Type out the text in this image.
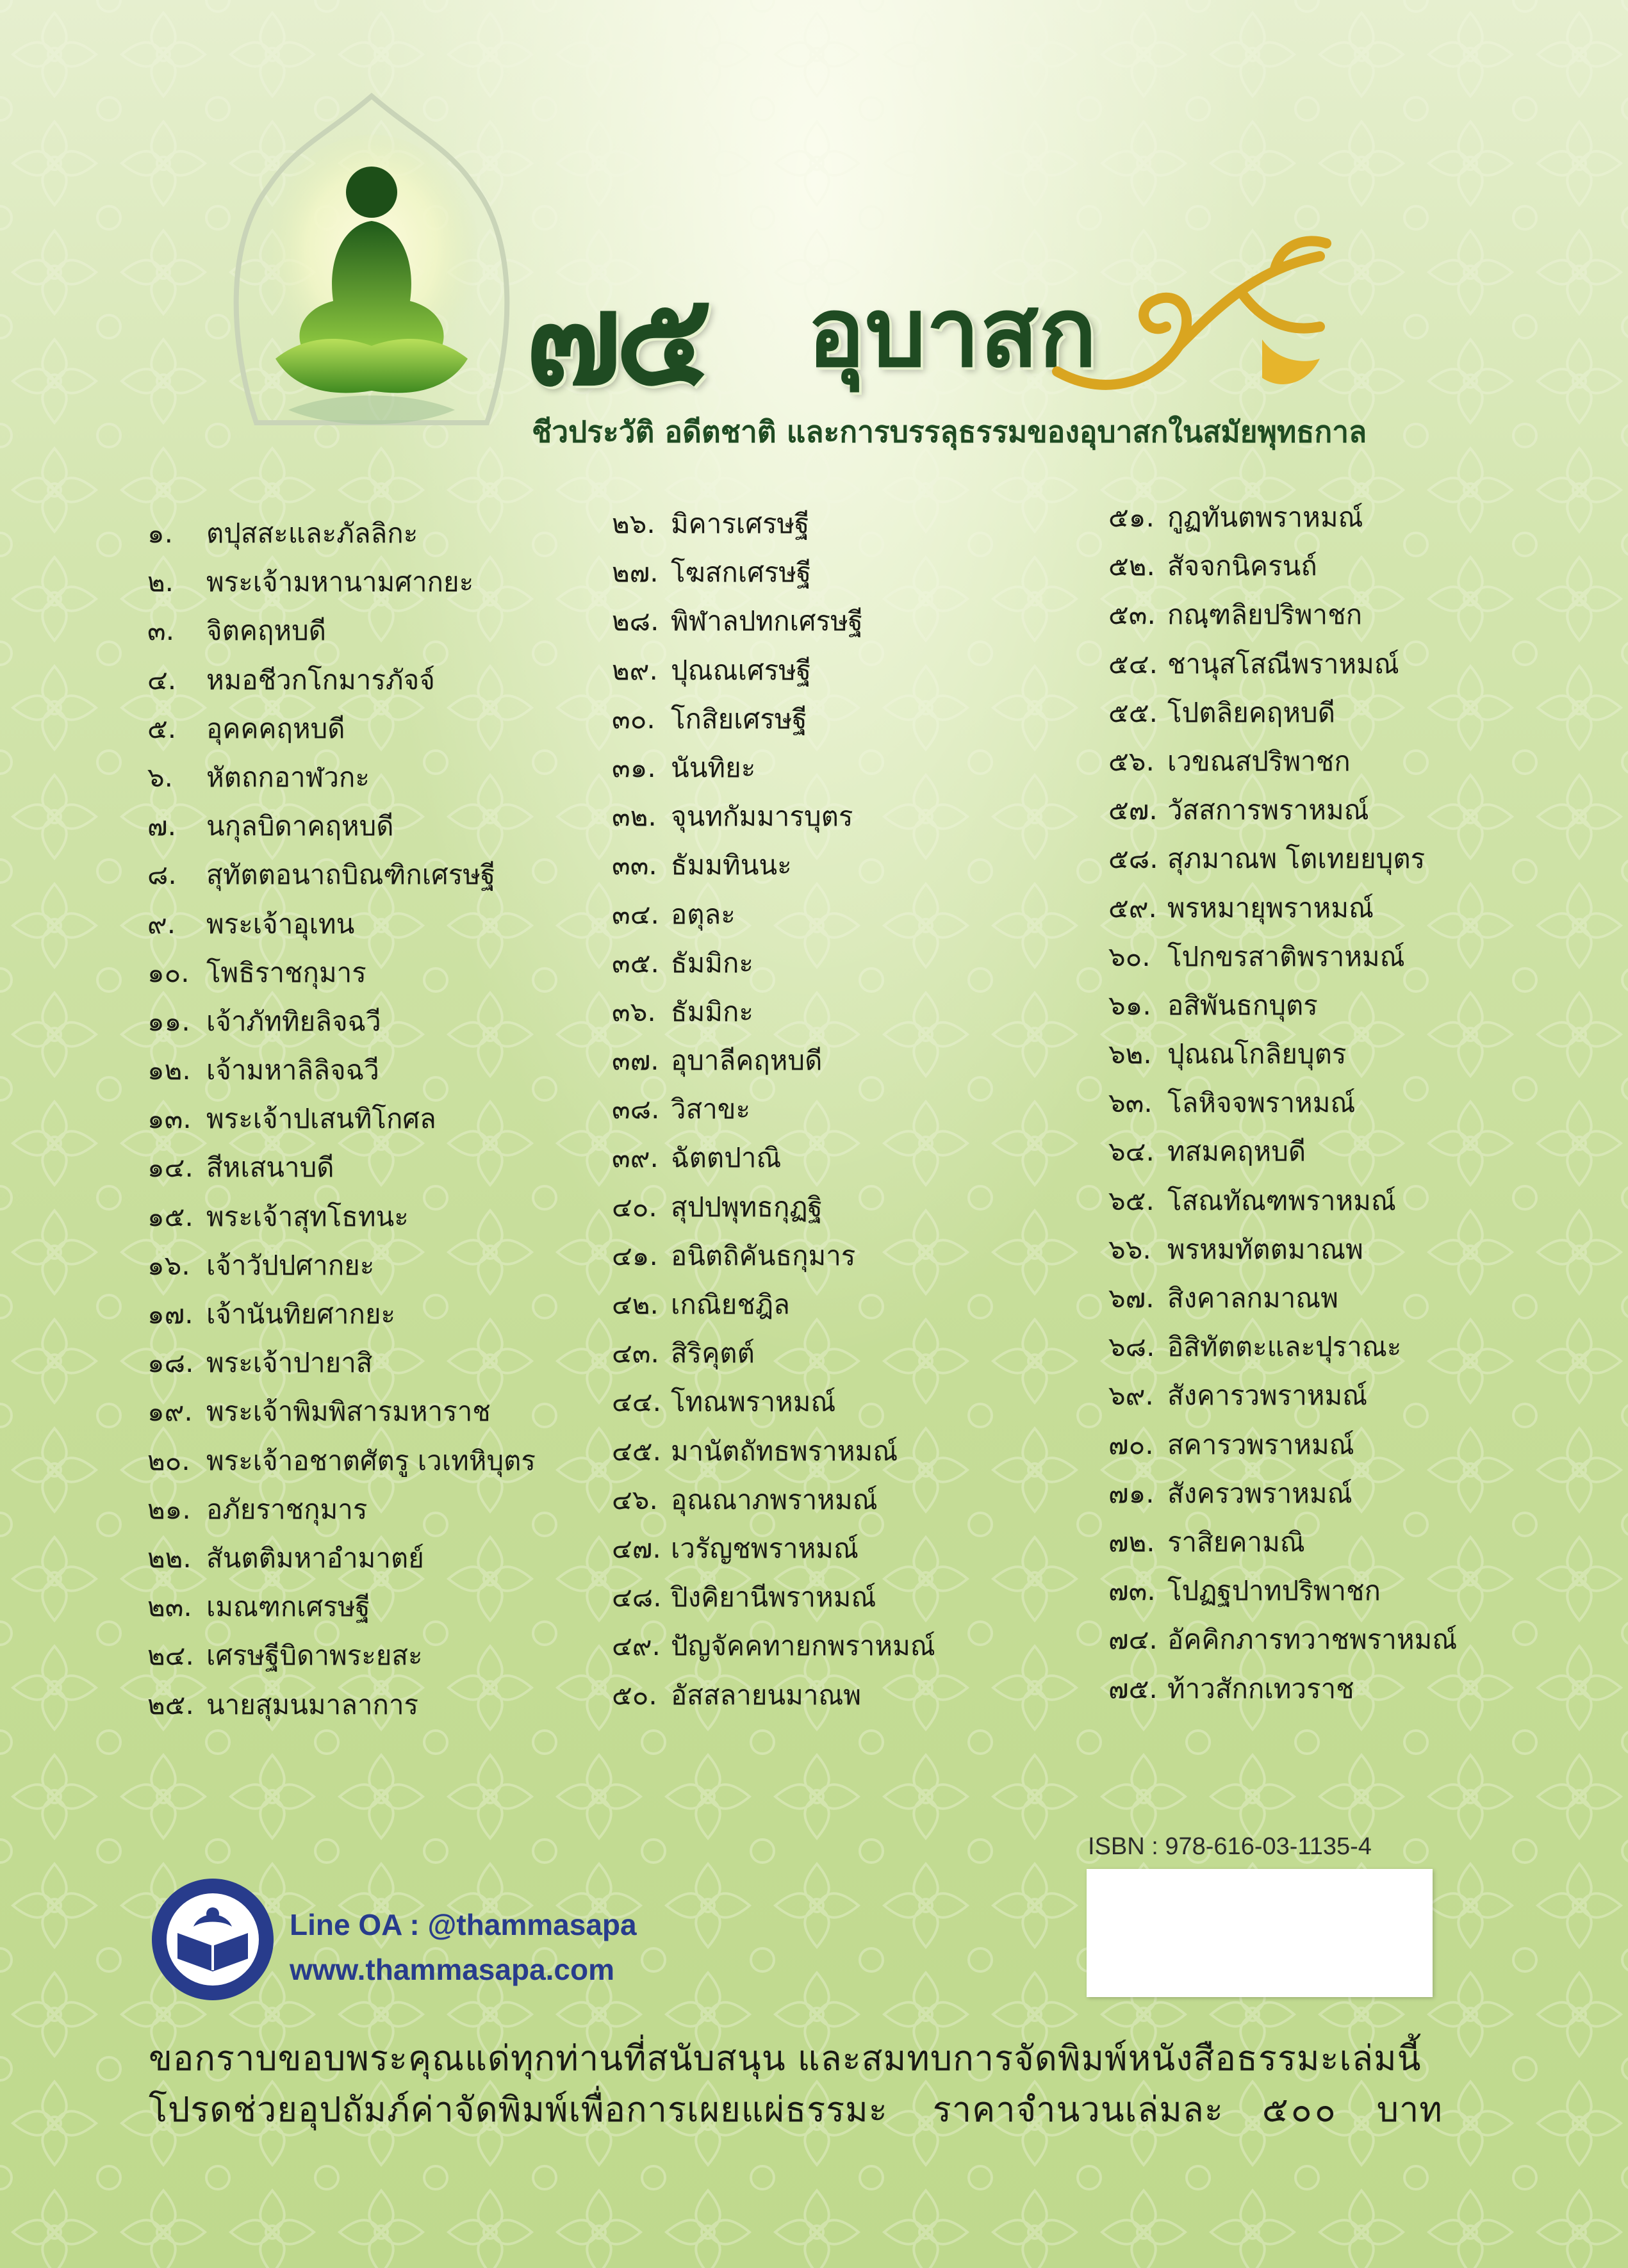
๗๕ อุบาสก
ชีวประวัติ อดีตชาติ และการบรรลุธรรมของอุบาสกในสมัยพุทธกาล
๑. ตปุสสะและภัลลิกะ
๒. พระเจ้ามหานามศากยะ
๓. จิตคฤหบดี
๔. หมอชีวกโกมารภัจจ์
๕. อุคคคฤหบดี
๖. หัตถกอาฬวกะ
๗. นกุลบิดาคฤหบดี
๘. สุทัตตอนาถบิณฑิกเศรษฐี
๙. พระเจ้าอุเทน
๑๐. โพธิราชกุมาร
๑๑. เจ้าภัททิยลิจฉวี
๑๒. เจ้ามหาลิลิจฉวี
๑๓. พระเจ้าปเสนทิโกศล
๑๔. สีหเสนาบดี
๑๕. พระเจ้าสุทโธทนะ
๑๖. เจ้าวัปปศากยะ
๑๗. เจ้านันทิยศากยะ
๑๘. พระเจ้าปายาสิ
๑๙. พระเจ้าพิมพิสารมหาราช
๒๐. พระเจ้าอชาตศัตรู เวเทหิบุตร
๒๑. อภัยราชกุมาร
๒๒. สันตติมหาอำมาตย์
๒๓. เมณฑกเศรษฐี
๒๔. เศรษฐีบิดาพระยสะ
๒๕. นายสุมนมาลาการ
๒๖. มิคารเศรษฐี
๒๗. โฆสกเศรษฐี
๒๘. พิฬาลปทกเศรษฐี
๒๙. ปุณณเศรษฐี
๓๐. โกสิยเศรษฐี
๓๑. นันทิยะ
๓๒. จุนทกัมมารบุตร
๓๓. ธัมมทินนะ
๓๔. อตุละ
๓๕. ธัมมิกะ
๓๖. ธัมมิกะ
๓๗. อุบาลีคฤหบดี
๓๘. วิสาขะ
๓๙. ฉัตตปาณิ
๔๐. สุปปพุทธกุฏฐิ
๔๑. อนิตถิคันธกุมาร
๔๒. เกณิยชฎิล
๔๓. สิริคุตต์
๔๔. โทณพราหมณ์
๔๕. มานัตถัทธพราหมณ์
๔๖. อุณณาภพราหมณ์
๔๗. เวรัญชพราหมณ์
๔๘. ปิงคิยานีพราหมณ์
๔๙. ปัญจัคคทายกพราหมณ์
๕๐. อัสสลายนมาณพ
๕๑. กูฏทันตพราหมณ์
๕๒. สัจจกนิครนถ์
๕๓. กณฺฑลิยปริพาชก
๕๔. ชานุสโสณีพราหมณ์
๕๕. โปตลิยคฤหบดี
๕๖. เวขณสปริพาชก
๕๗. วัสสการพราหมณ์
๕๘. สุภมาณพ โตเทยยบุตร
๕๙. พรหมายุพราหมณ์
๖๐. โปกขรสาติพราหมณ์
๖๑. อสิพันธกบุตร
๖๒. ปุณณโกลิยบุตร
๖๓. โลหิจจพราหมณ์
๖๔. ทสมคฤหบดี
๖๕. โสณทัณฑพราหมณ์
๖๖. พรหมทัตตมาณพ
๖๗. สิงคาลกมาณพ
๖๘. อิสิทัตตะและปุราณะ
๖๙. สังคารวพราหมณ์
๗๐. สคารวพราหมณ์
๗๑. สังครวพราหมณ์
๗๒. ราสิยคามณิ
๗๓. โปฏฐปาทปริพาชก
๗๔. อัคคิกภารทวาชพราหมณ์
๗๕. ท้าวสักกเทวราช
Line OA : @thammasapa
www.thammasapa.com
ISBN : 978-616-03-1135-4
ขอกราบขอบพระคุณแด่ทุกท่านที่สนับสนุน และสมทบการจัดพิมพ์หนังสือธรรมะเล่มนี้
โปรดช่วยอุปถัมภ์ค่าจัดพิมพ์เพื่อการเผยแผ่ธรรมะ ราคาจำนวนเล่มละ ๕๐๐ บาท
